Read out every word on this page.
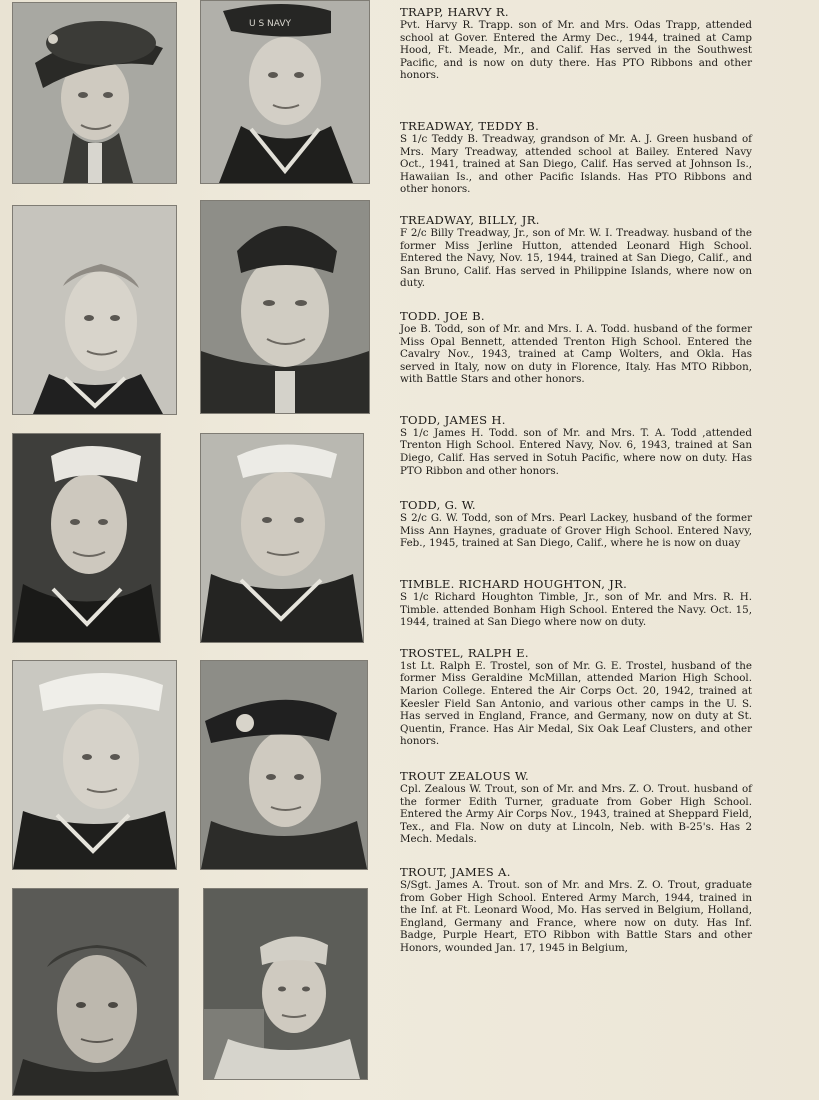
U S NAVY
TRAPP, HARVY R.

Pvt. Harvy R. Trapp. son of Mr. and Mrs. Odas Trapp, attended school at Gover. Entered the Army Dec., 1944, trained at Camp Hood, Ft. Meade, Mr., and Calif. Has served in the Southwest Pacific, and is now on duty there. Has PTO Ribbons and other honors.

TREADWAY, TEDDY B.

S 1/c Teddy B. Treadway, grandson of Mr. A. J. Green husband of Mrs. Mary Treadway, attended school at Bailey. Entered Navy Oct., 1941, trained at San Diego, Calif. Has served at Johnson Is., Hawaiian Is., and other Pacific Islands. Has PTO Ribbons and other honors.

TREADWAY, BILLY, JR.

F 2/c Billy Treadway, Jr., son of Mr. W. I. Treadway. husband of the former Miss Jerline Hutton, attended Leonard High School. Entered the Navy, Nov. 15, 1944, trained at San Diego, Calif., and San Bruno, Calif. Has served in Philippine Islands, where now on duty.

TODD. JOE B.

Joe B. Todd, son of Mr. and Mrs. I. A. Todd. husband of the former Miss Opal Bennett, attended Trenton High School. Entered the Cavalry Nov., 1943, trained at Camp Wolters, and Okla. Has served in Italy, now on duty in Florence, Italy. Has MTO Ribbon, with Battle Stars and other honors.

TODD, JAMES H.

S 1/c James H. Todd. son of Mr. and Mrs. T. A. Todd ,attended Trenton High School. Entered Navy, Nov. 6, 1943, trained at San Diego, Calif. Has served in Sotuh Pacific, where now on duty. Has PTO Ribbon and other honors.

TODD, G. W.

S 2/c G. W. Todd, son of Mrs. Pearl Lackey, husband of the former Miss Ann Haynes, graduate of Grover High School. Entered Navy, Feb., 1945, trained at San Diego, Calif., where he is now on duay

TIMBLE. RICHARD HOUGHTON, JR.

S 1/c Richard Houghton Timble, Jr., son of Mr. and Mrs. R. H. Timble. attended Bonham High School. Entered the Navy. Oct. 15, 1944, trained at San Diego where now on duty.

TROSTEL, RALPH E.

1st Lt. Ralph E. Trostel, son of Mr. G. E. Trostel, husband of the former Miss Geraldine McMillan, attended Marion High School. Marion College. Entered the Air Corps Oct. 20, 1942, trained at Keesler Field San Antonio, and various other camps in the U. S. Has served in England, France, and Germany, now on duty at St. Quentin, France. Has Air Medal, Six Oak Leaf Clusters, and other honors.

TROUT ZEALOUS W.

Cpl. Zealous W. Trout, son of Mr. and Mrs. Z. O. Trout. husband of the former Edith Turner, graduate from Gober High School. Entered the Army Air Corps Nov., 1943, trained at Sheppard Field, Tex., and Fla. Now on duty at Lincoln, Neb. with B-25's. Has 2 Mech. Medals.

TROUT, JAMES A.

S/Sgt. James A. Trout. son of Mr. and Mrs. Z. O. Trout, graduate from Gober High School. Entered Army March, 1944, trained in the Inf. at Ft. Leonard Wood, Mo. Has served in Belgium, Holland, England, Germany and France, where now on duty. Has Inf. Badge, Purple Heart, ETO Ribbon with Battle Stars and other Honors, wounded Jan. 17, 1945 in Belgium,
